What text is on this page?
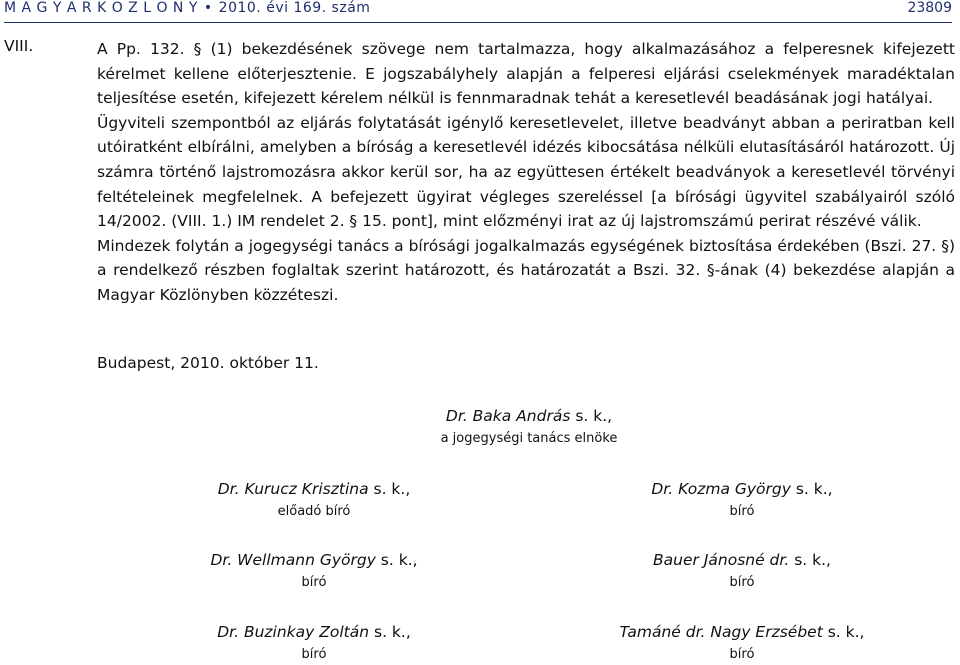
M A G Y A R K Ö Z L Ö N Y • 2010. évi 169. szám	23809
VIII.	A Pp. 132. § (1) bekezdésének szövege nem tartalmazza, hogy alkalmazásához a felperesnek kifejezett kérelmet kellene előterjesztenie. E jogszabályhely alapján a felperesi eljárási cselekmények maradéktalan teljesítése esetén, kifejezett kérelem nélkül is fennmaradnak tehát a keresetlevél beadásának jogi hatályai.

Ügyviteli szempontból az eljárás folytatását igénylő keresetlevelet, illetve beadványt abban a periratban kell utóiratként elbírálni, amelyben a bíróság a keresetlevél idézés kibocsátása nélküli elutasításáról határozott. Új számra történő lajstromozásra akkor kerül sor, ha az együttesen értékelt beadványok a keresetlevél törvényi feltételeinek megfelelnek. A befejezett ügyirat végleges szereléssel [a bírósági ügyvitel szabályairól szóló 14/2002. (VIII. 1.) IM rendelet 2. § 15. pont], mint előzményi irat az új lajstromszámú perirat részévé válik.

Mindezek folytán a jogegységi tanács a bírósági jogalkalmazás egységének biztosítása érdekében (Bszi. 27. §) a rendelkező részben foglaltak szerint határozott, és határozatát a Bszi. 32. §-ának (4) bekezdése alapján a Magyar Közlönyben közzéteszi.

Budapest, 2010. október 11.
Dr. Baka András s. k.,
a jogegységi tanács elnöke
Dr. Kurucz Krisztina s. k.,
előadó bíró
Dr. Kozma György s. k.,
bíró
Dr. Wellmann György s. k.,
bíró
Bauer Jánosné dr. s. k.,
bíró
Dr. Buzinkay Zoltán s. k.,
bíró
Tamáné dr. Nagy Erzsébet s. k.,
bíró
